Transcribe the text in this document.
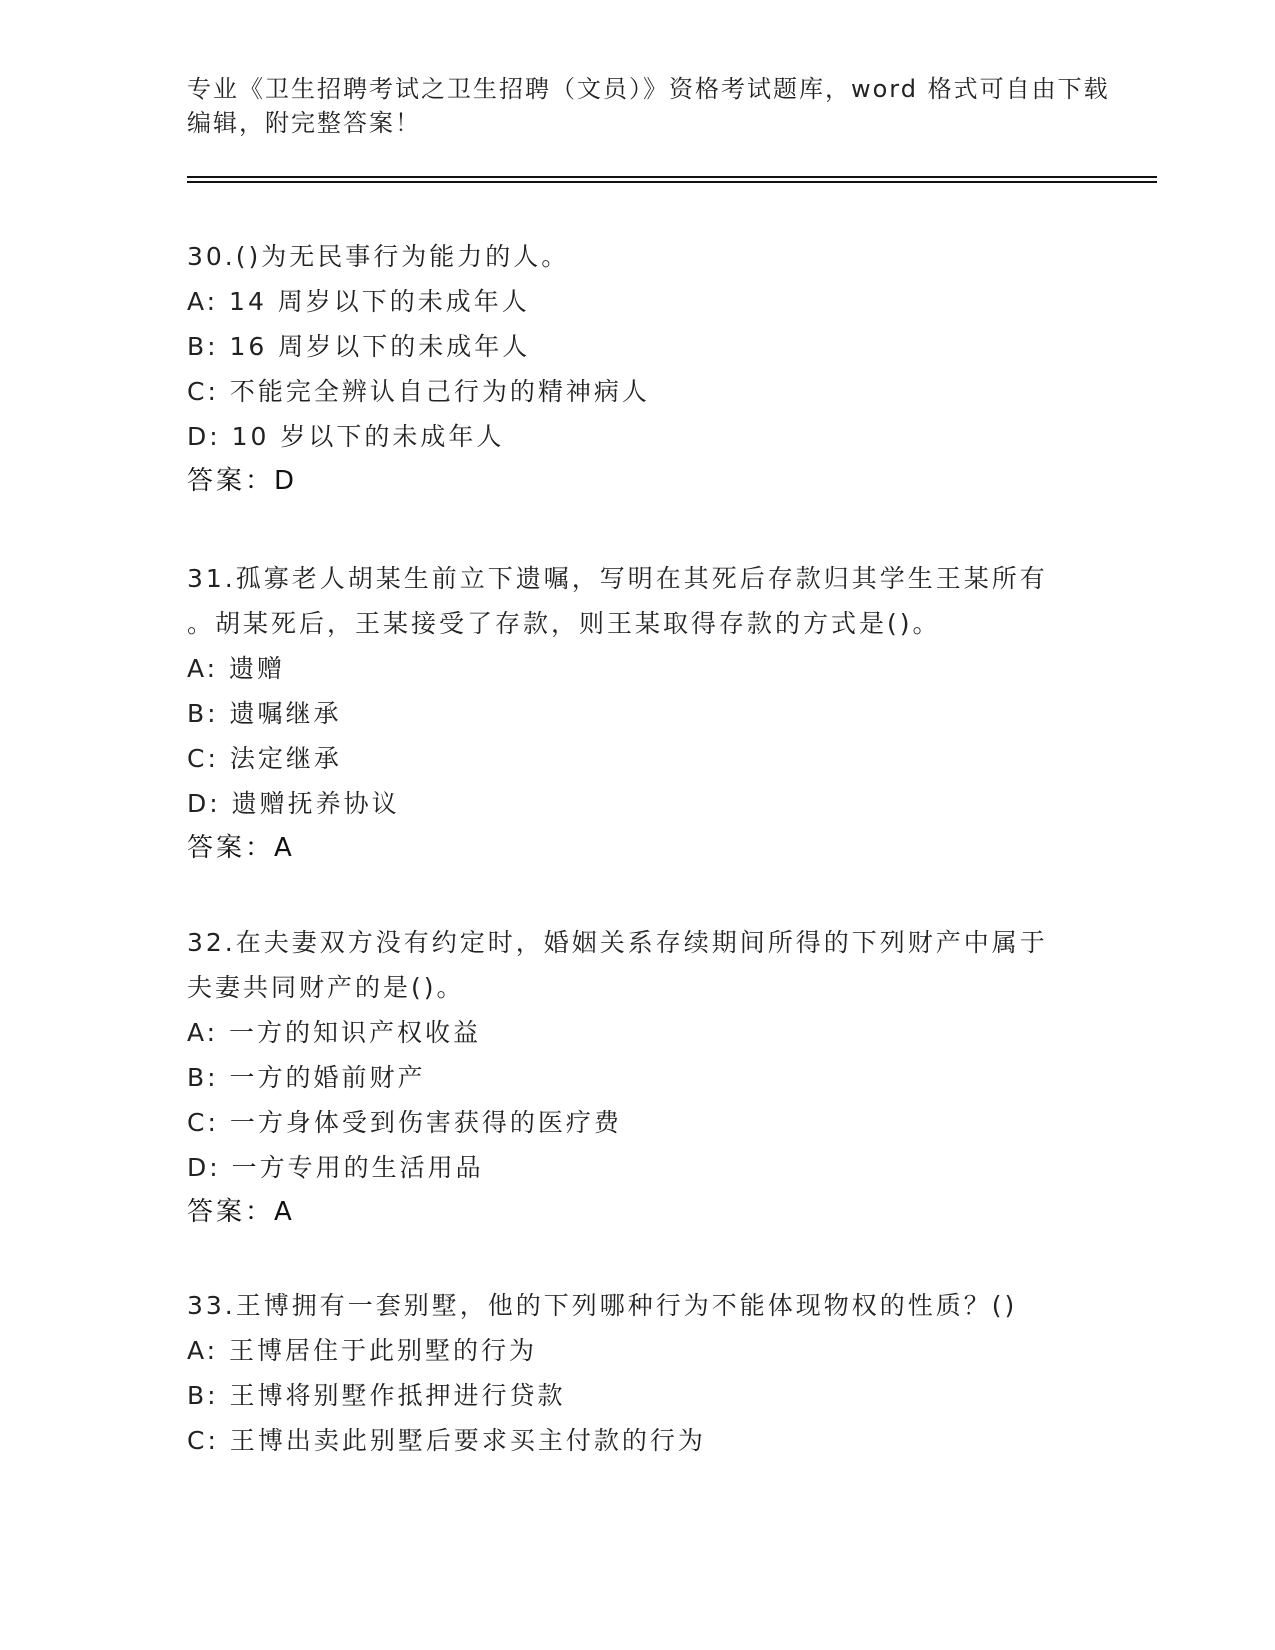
专业《卫生招聘考试之卫生招聘（文员）》资格考试题库，word 格式可自由下载
编辑，附完整答案！
30.()为无民事行为能力的人。
A: 14 周岁以下的未成年人
B: 16 周岁以下的未成年人
C: 不能完全辨认自己行为的精神病人
D: 10 岁以下的未成年人
答案：D
31.孤寡老人胡某生前立下遗嘱，写明在其死后存款归其学生王某所有
。胡某死后，王某接受了存款，则王某取得存款的方式是()。
A: 遗赠
B: 遗嘱继承
C: 法定继承
D: 遗赠抚养协议
答案：A
32.在夫妻双方没有约定时，婚姻关系存续期间所得的下列财产中属于
夫妻共同财产的是()。
A: 一方的知识产权收益
B: 一方的婚前财产
C: 一方身体受到伤害获得的医疗费
D: 一方专用的生活用品
答案：A
33.王博拥有一套别墅，他的下列哪种行为不能体现物权的性质？()
A: 王博居住于此别墅的行为
B: 王博将别墅作抵押进行贷款
C: 王博出卖此别墅后要求买主付款的行为
